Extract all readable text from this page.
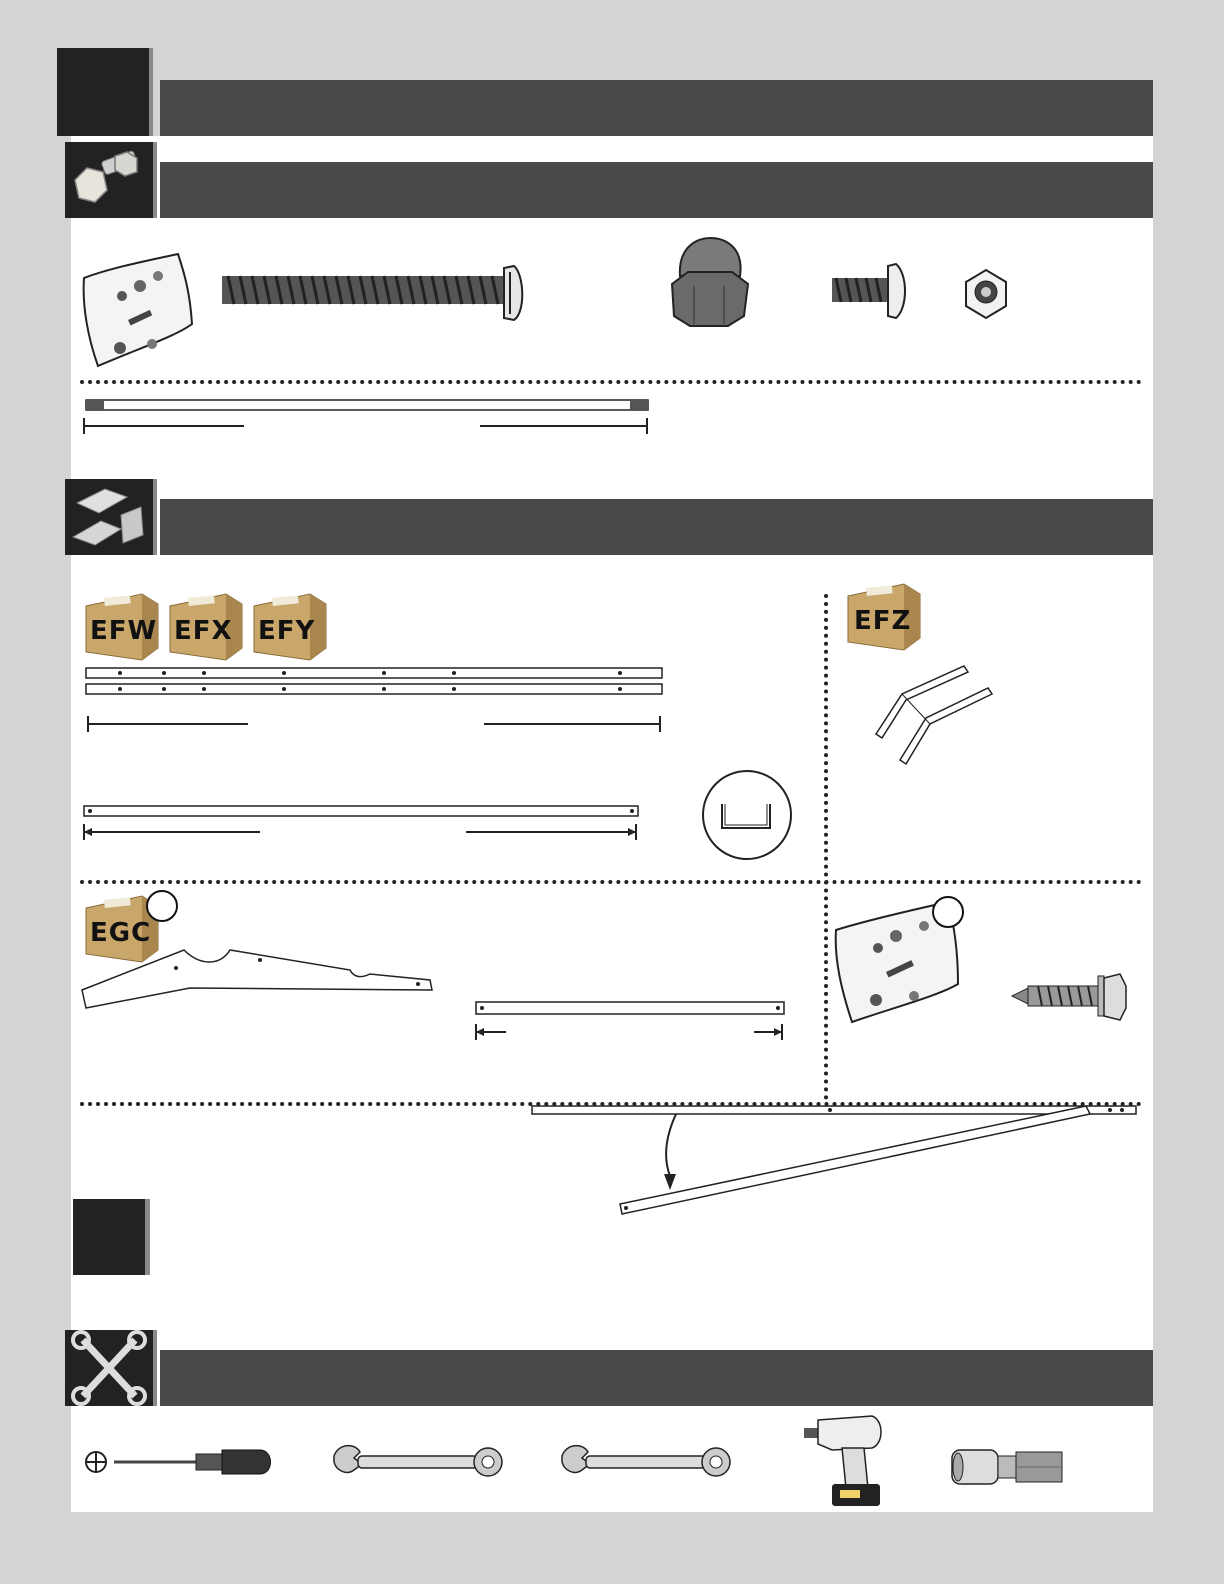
EFW EFX EFY	EFZ
EGC
